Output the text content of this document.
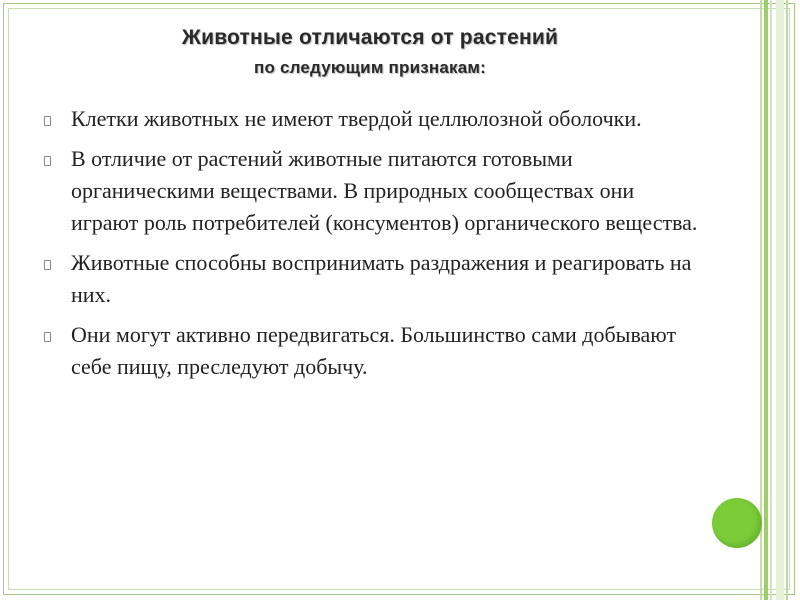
Животные отличаются от растений
по следующим признакам:
Клетки животных не имеют твердой целлюлозной оболочки.
В отличие от растений животные питаются готовыми органическими веществами. В природных сообществах они играют роль потребителей (консументов) органического вещества.
Животные способны воспринимать раздражения и реагировать на них.
Они могут активно передвигаться. Большинство сами добывают себе пищу, преследуют добычу.
